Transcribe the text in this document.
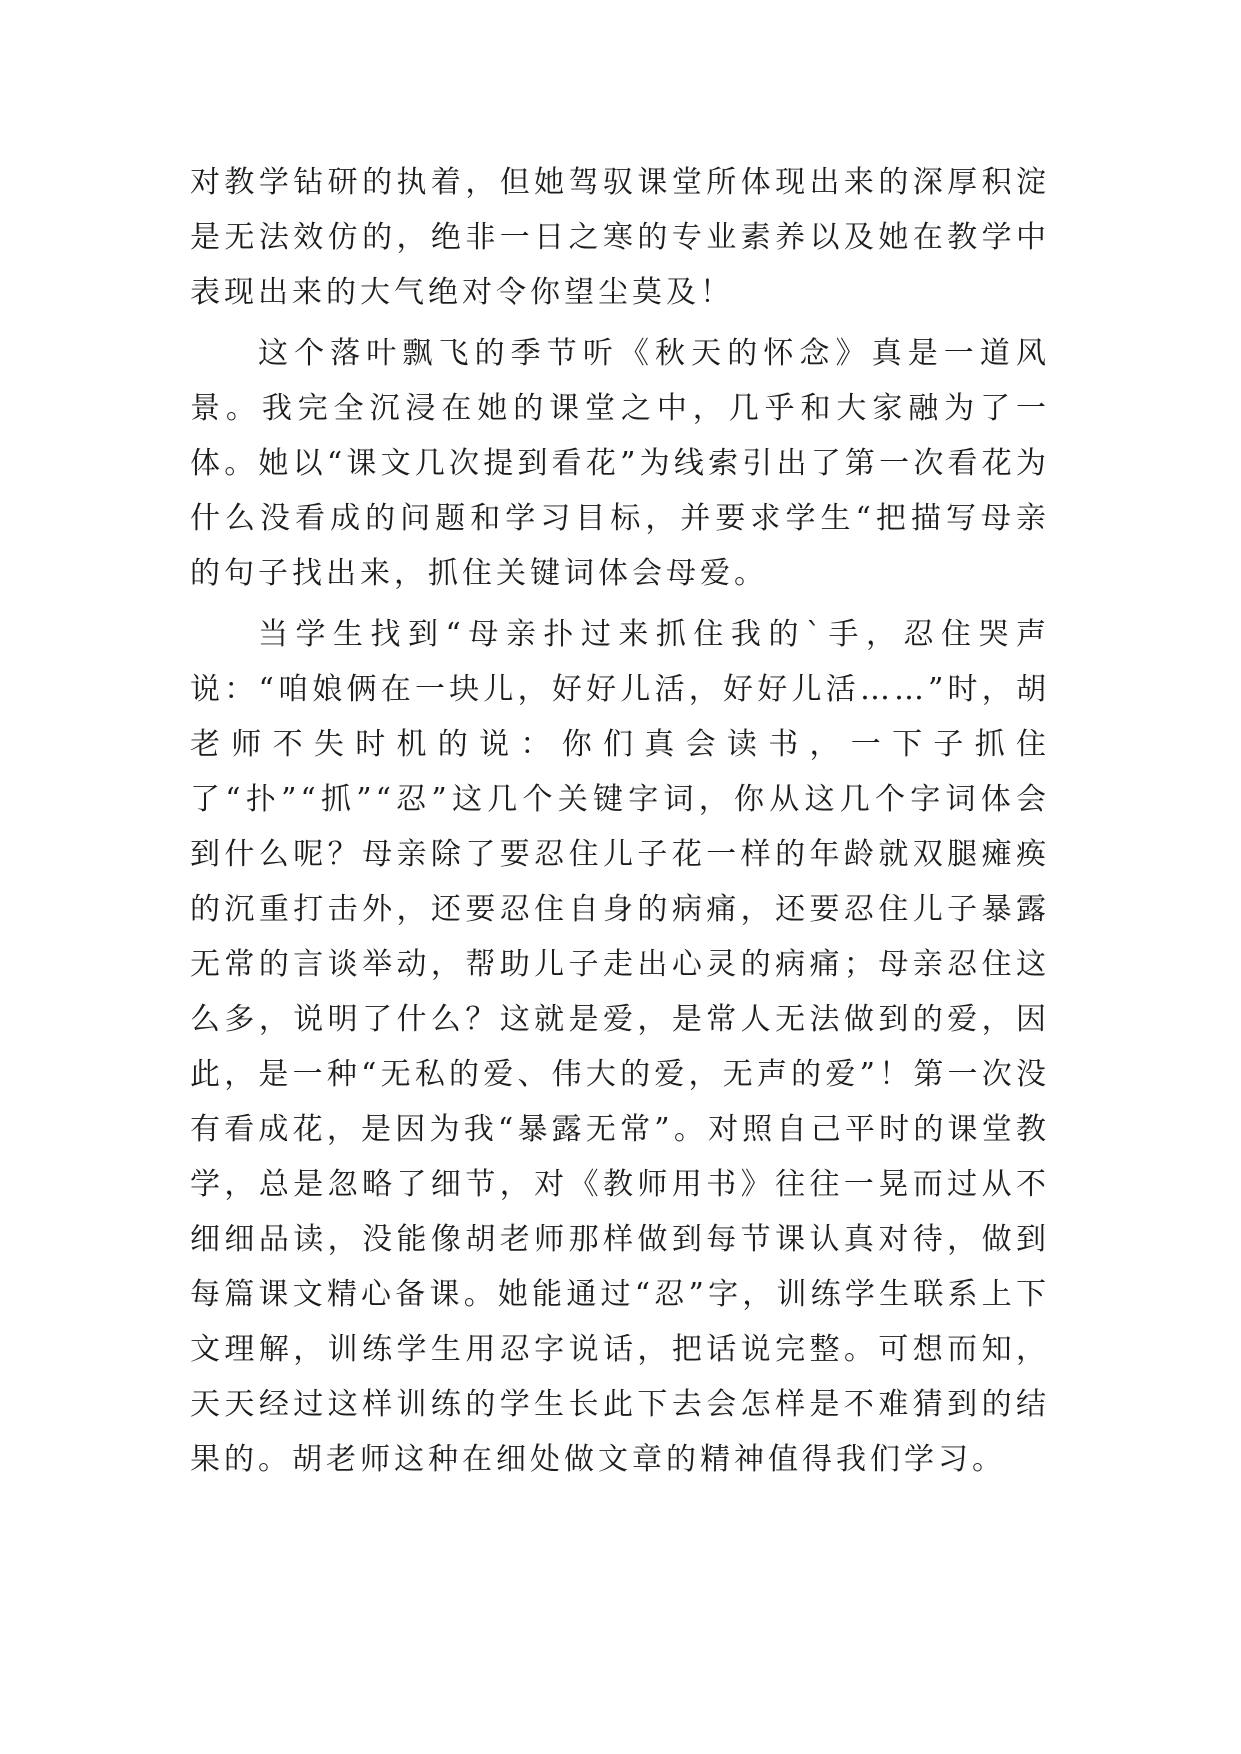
对教学钻研的执着，但她驾驭课堂所体现出来的深厚积淀是无法效仿的，绝非一日之寒的专业素养以及她在教学中表现出来的大气绝对令你望尘莫及！

这个落叶飘飞的季节听《秋天的怀念》真是一道风景。我完全沉浸在她的课堂之中，几乎和大家融为了一体。她以“课文几次提到看花”为线索引出了第一次看花为什么没看成的问题和学习目标，并要求学生“把描写母亲的句子找出来，抓住关键词体会母爱。

当学生找到“母亲扑过来抓住我的`手，忍住哭声说：“咱娘俩在一块儿，好好儿活，好好儿活……”时，胡老师不失时机的说：你们真会读书，一下子抓住了“扑”“抓”“忍”这几个关键字词，你从这几个字词体会到什么呢？母亲除了要忍住儿子花一样的年龄就双腿瘫痪的沉重打击外，还要忍住自身的病痛，还要忍住儿子暴露无常的言谈举动，帮助儿子走出心灵的病痛；母亲忍住这么多，说明了什么？这就是爱，是常人无法做到的爱，因此，是一种“无私的爱、伟大的爱，无声的爱”！第一次没有看成花，是因为我“暴露无常”。对照自己平时的课堂教学，总是忽略了细节，对《教师用书》往往一晃而过从不细细品读，没能像胡老师那样做到每节课认真对待，做到每篇课文精心备课。她能通过“忍”字，训练学生联系上下文理解，训练学生用忍字说话，把话说完整。可想而知，天天经过这样训练的学生长此下去会怎样是不难猜到的结果的。胡老师这种在细处做文章的精神值得我们学习。
